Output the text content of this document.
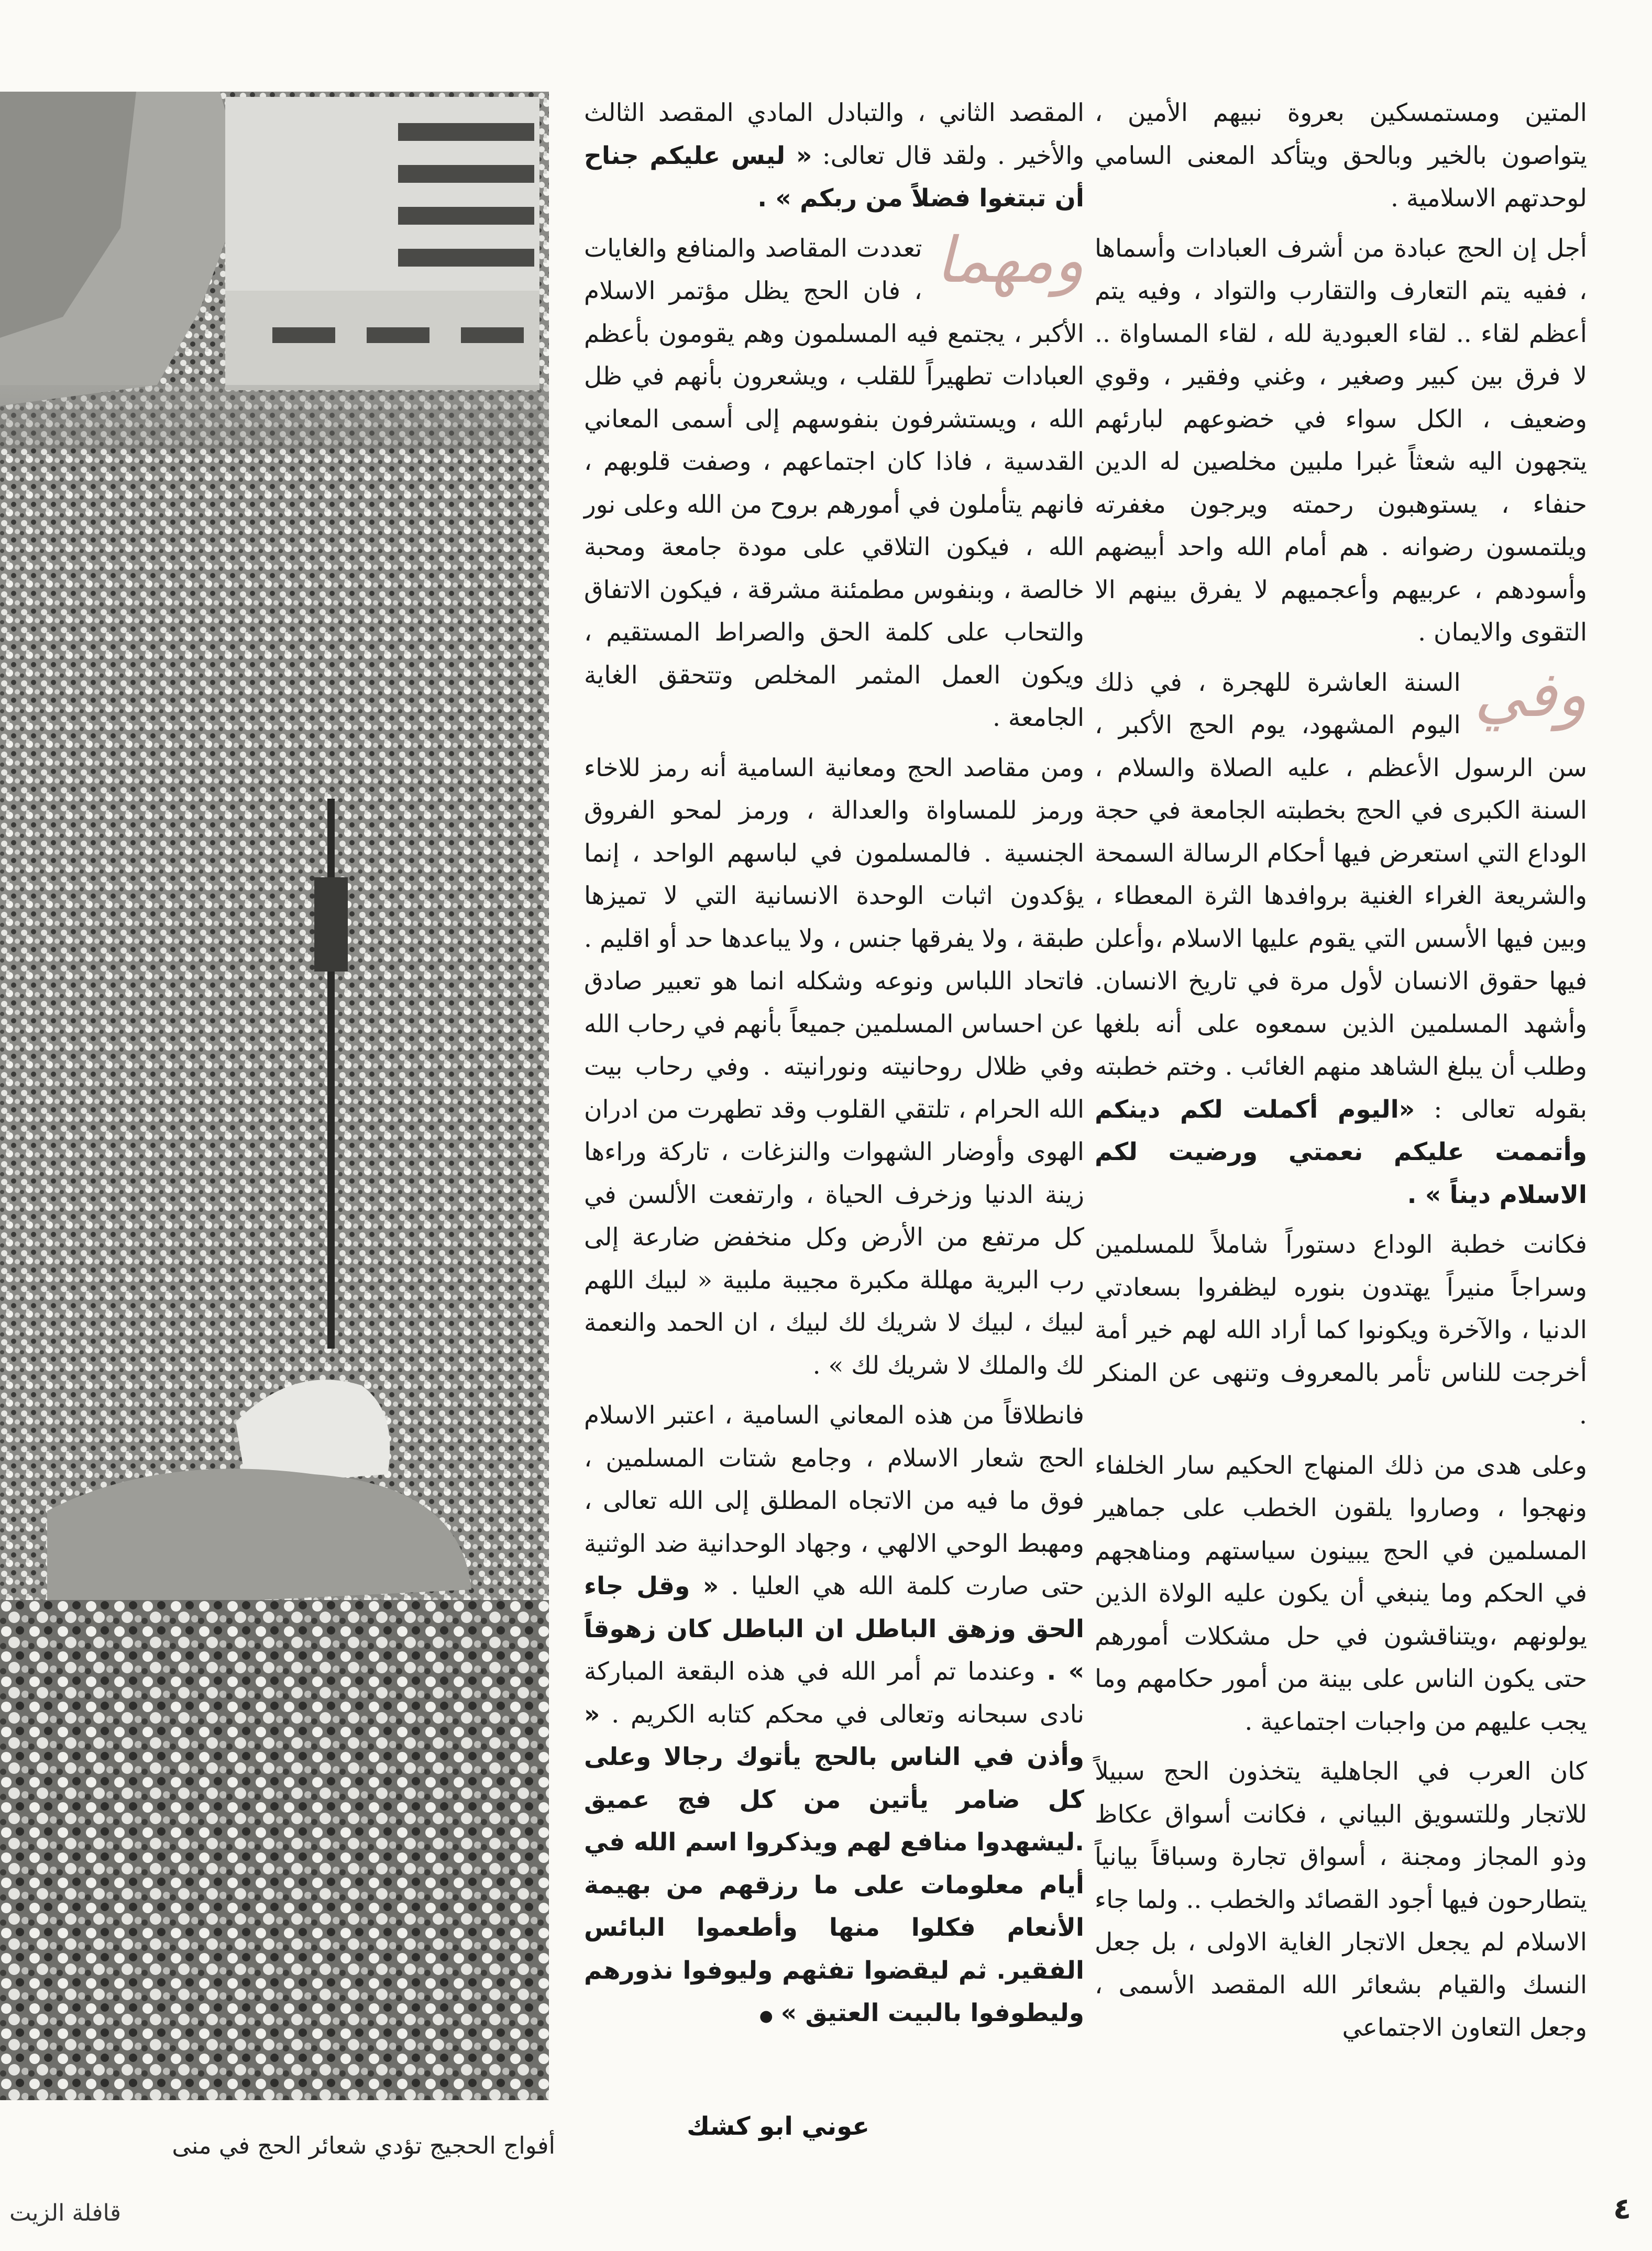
المتين ومستمسكين بعروة نبيهم الأمين ، يتواصون بالخير وبالحق ويتأكد المعنى السامي لوحدتهم الاسلامية .

أجل إن الحج عبادة من أشرف العبادات وأسماها ، ففيه يتم التعارف والتقارب والتواد ، وفيه يتم أعظم لقاء .. لقاء العبودية لله ، لقاء المساواة .. لا فرق بين كبير وصغير ، وغني وفقير ، وقوي وضعيف ، الكل سواء في خضوعهم لبارئهم يتجهون اليه شعثاً غبرا ملبين مخلصين له الدين حنفاء ، يستوهبون رحمته ويرجون مغفرته ويلتمسون رضوانه . هم أمام الله واحد أبيضهم وأسودهم ، عربيهم وأعجميهم لا يفرق بينهم الا التقوى والايمان .

وفي
السنة العاشرة للهجرة ، في ذلك اليوم المشهود، يوم الحج الأكبر ، سن الرسول الأعظم ، عليه الصلاة والسلام ، السنة الكبرى في الحج بخطبته الجامعة في حجة الوداع التي استعرض فيها أحكام الرسالة السمحة والشريعة الغراء الغنية بروافدها الثرة المعطاء ، وبين فيها الأسس التي يقوم عليها الاسلام ،وأعلن فيها حقوق الانسان لأول مرة في تاريخ الانسان. وأشهد المسلمين الذين سمعوه على أنه بلغها وطلب أن يبلغ الشاهد منهم الغائب . وختم خطبته بقوله تعالى : «اليوم أكملت لكم دينكم وأتممت عليكم نعمتي ورضيت لكم الاسلام ديناً » .

فكانت خطبة الوداع دستوراً شاملاً للمسلمين وسراجاً منيراً يهتدون بنوره ليظفروا بسعادتي الدنيا ، والآخرة ويكونوا كما أراد الله لهم خير أمة أخرجت للناس تأمر بالمعروف وتنهى عن المنكر .

وعلى هدى من ذلك المنهاج الحكيم سار الخلفاء ونهجوا ، وصاروا يلقون الخطب على جماهير المسلمين في الحج يبينون سياستهم ومناهجهم في الحكم وما ينبغي أن يكون عليه الولاة الذين يولونهم ،ويتناقشون في حل مشكلات أمورهم حتى يكون الناس على بينة من أمور حكامهم وما يجب عليهم من واجبات اجتماعية .

كان العرب في الجاهلية يتخذون الحج سبيلاً للاتجار وللتسويق البياني ، فكانت أسواق عكاظ وذو المجاز ومجنة ، أسواق تجارة وسباقاً بيانياً يتطارحون فيها أجود القصائد والخطب .. ولما جاء الاسلام لم يجعل الاتجار الغاية الاولى ، بل جعل النسك والقيام بشعائر الله المقصد الأسمى ، وجعل التعاون الاجتماعي

المقصد الثاني ، والتبادل المادي المقصد الثالث والأخير . ولقد قال تعالى: « ليس عليكم جناح أن تبتغوا فضلاً من ربكم » .

ومهما
تعددت المقاصد والمنافع والغايات ، فان الحج يظل مؤتمر الاسلام الأكبر ، يجتمع فيه المسلمون وهم يقومون بأعظم العبادات تطهيراً للقلب ، ويشعرون بأنهم في ظل الله ، ويستشرفون بنفوسهم إلى أسمى المعاني القدسية ، فاذا كان اجتماعهم ، وصفت قلوبهم ، فانهم يتأملون في أمورهم بروح من الله وعلى نور الله ، فيكون التلاقي على مودة جامعة ومحبة خالصة ، وبنفوس مطمئنة مشرقة ، فيكون الاتفاق والتحاب على كلمة الحق والصراط المستقيم ، ويكون العمل المثمر المخلص وتتحقق الغاية الجامعة .

ومن مقاصد الحج ومعانية السامية أنه رمز للاخاء ورمز للمساواة والعدالة ، ورمز لمحو الفروق الجنسية . فالمسلمون في لباسهم الواحد ، إنما يؤكدون اثبات الوحدة الانسانية التي لا تميزها طبقة ، ولا يفرقها جنس ، ولا يباعدها حد أو اقليم . فاتحاد اللباس ونوعه وشكله انما هو تعبير صادق عن احساس المسلمين جميعاً بأنهم في رحاب الله وفي ظلال روحانيته ونورانيته . وفي رحاب بيت الله الحرام ، تلتقي القلوب وقد تطهرت من ادران الهوى وأوضار الشهوات والنزغات ، تاركة وراءها زينة الدنيا وزخرف الحياة ، وارتفعت الألسن في كل مرتفع من الأرض وكل منخفض ضارعة إلى رب البرية مهللة مكبرة مجيبة ملبية « لبيك اللهم لبيك ، لبيك لا شريك لك لبيك ، ان الحمد والنعمة لك والملك لا شريك لك » .

فانطلاقاً من هذه المعاني السامية ، اعتبر الاسلام الحج شعار الاسلام ، وجامع شتات المسلمين ، فوق ما فيه من الاتجاه المطلق إلى الله تعالى ، ومهبط الوحي الالهي ، وجهاد الوحدانية ضد الوثنية حتى صارت كلمة الله هي العليا . « وقل جاء الحق وزهق الباطل ان الباطل كان زهوقاً » . وعندما تم أمر الله في هذه البقعة المباركة نادى سبحانه وتعالى في محكم كتابه الكريم . « وأذن في الناس بالحج يأتوك رجالا وعلى كل ضامر يأتين من كل فج عميق .ليشهدوا منافع لهم ويذكروا اسم الله في أيام معلومات على ما رزقهم من بهيمة الأنعام فكلوا منها وأطعموا البائس الفقير. ثم ليقضوا تفثهم وليوفوا نذورهم وليطوفوا بالبيت العتيق » ●

عوني ابو كشك
أفواج الحجيج تؤدي شعائر الحج في منى
٤
قافلة الزيت
